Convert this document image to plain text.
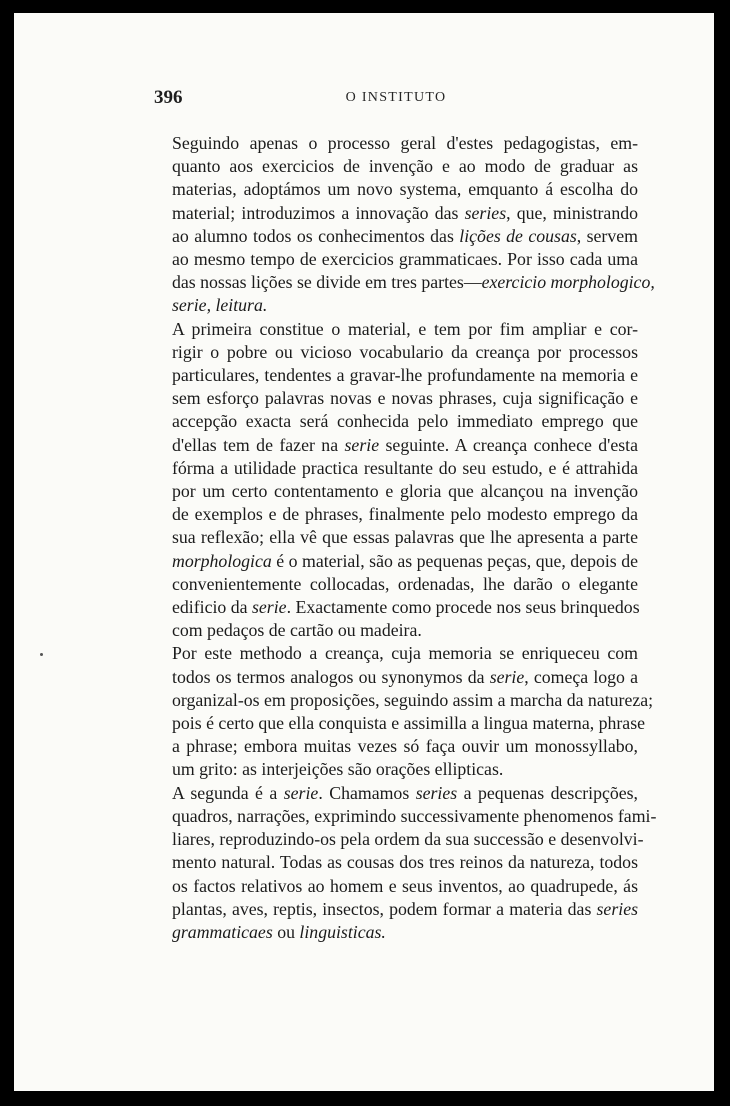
396	O INSTITUTO

Seguindo apenas o processo geral d'estes pedagogistas, em-
quanto aos exercicios de invenção e ao modo de graduar as
materias, adoptámos um novo systema, emquanto á escolha do
material; introduzimos a innovação das series, que, ministrando
ao alumno todos os conhecimentos das lições de cousas, servem
ao mesmo tempo de exercicios grammaticaes. Por isso cada uma
das nossas lições se divide em tres partes—exercicio morphologico,
serie, leitura.

A primeira constitue o material, e tem por fim ampliar e cor-
rigir o pobre ou vicioso vocabulario da creança por processos
particulares, tendentes a gravar-lhe profundamente na memoria e
sem esforço palavras novas e novas phrases, cuja significação e
accepção exacta será conhecida pelo immediato emprego que
d'ellas tem de fazer na serie seguinte. A creança conhece d'esta
fórma a utilidade practica resultante do seu estudo, e é attrahida
por um certo contentamento e gloria que alcançou na invenção
de exemplos e de phrases, finalmente pelo modesto emprego da
sua reflexão; ella vê que essas palavras que lhe apresenta a parte
morphologica é o material, são as pequenas peças, que, depois de
convenientemente collocadas, ordenadas, lhe darão o elegante
edificio da serie. Exactamente como procede nos seus brinquedos
com pedaços de cartão ou madeira.

Por este methodo a creança, cuja memoria se enriqueceu com
todos os termos analogos ou synonymos da serie, começa logo a
organizal-os em proposições, seguindo assim a marcha da natureza;
pois é certo que ella conquista e assimilla a lingua materna, phrase
a phrase; embora muitas vezes só faça ouvir um monossyllabo,
um grito: as interjeições são orações ellipticas.

A segunda é a serie. Chamamos series a pequenas descripções,
quadros, narrações, exprimindo successivamente phenomenos fami-
liares, reproduzindo-os pela ordem da sua successão e desenvolvi-
mento natural. Todas as cousas dos tres reinos da natureza, todos
os factos relativos ao homem e seus inventos, ao quadrupede, ás
plantas, aves, reptis, insectos, podem formar a materia das series
grammaticaes ou linguisticas.
